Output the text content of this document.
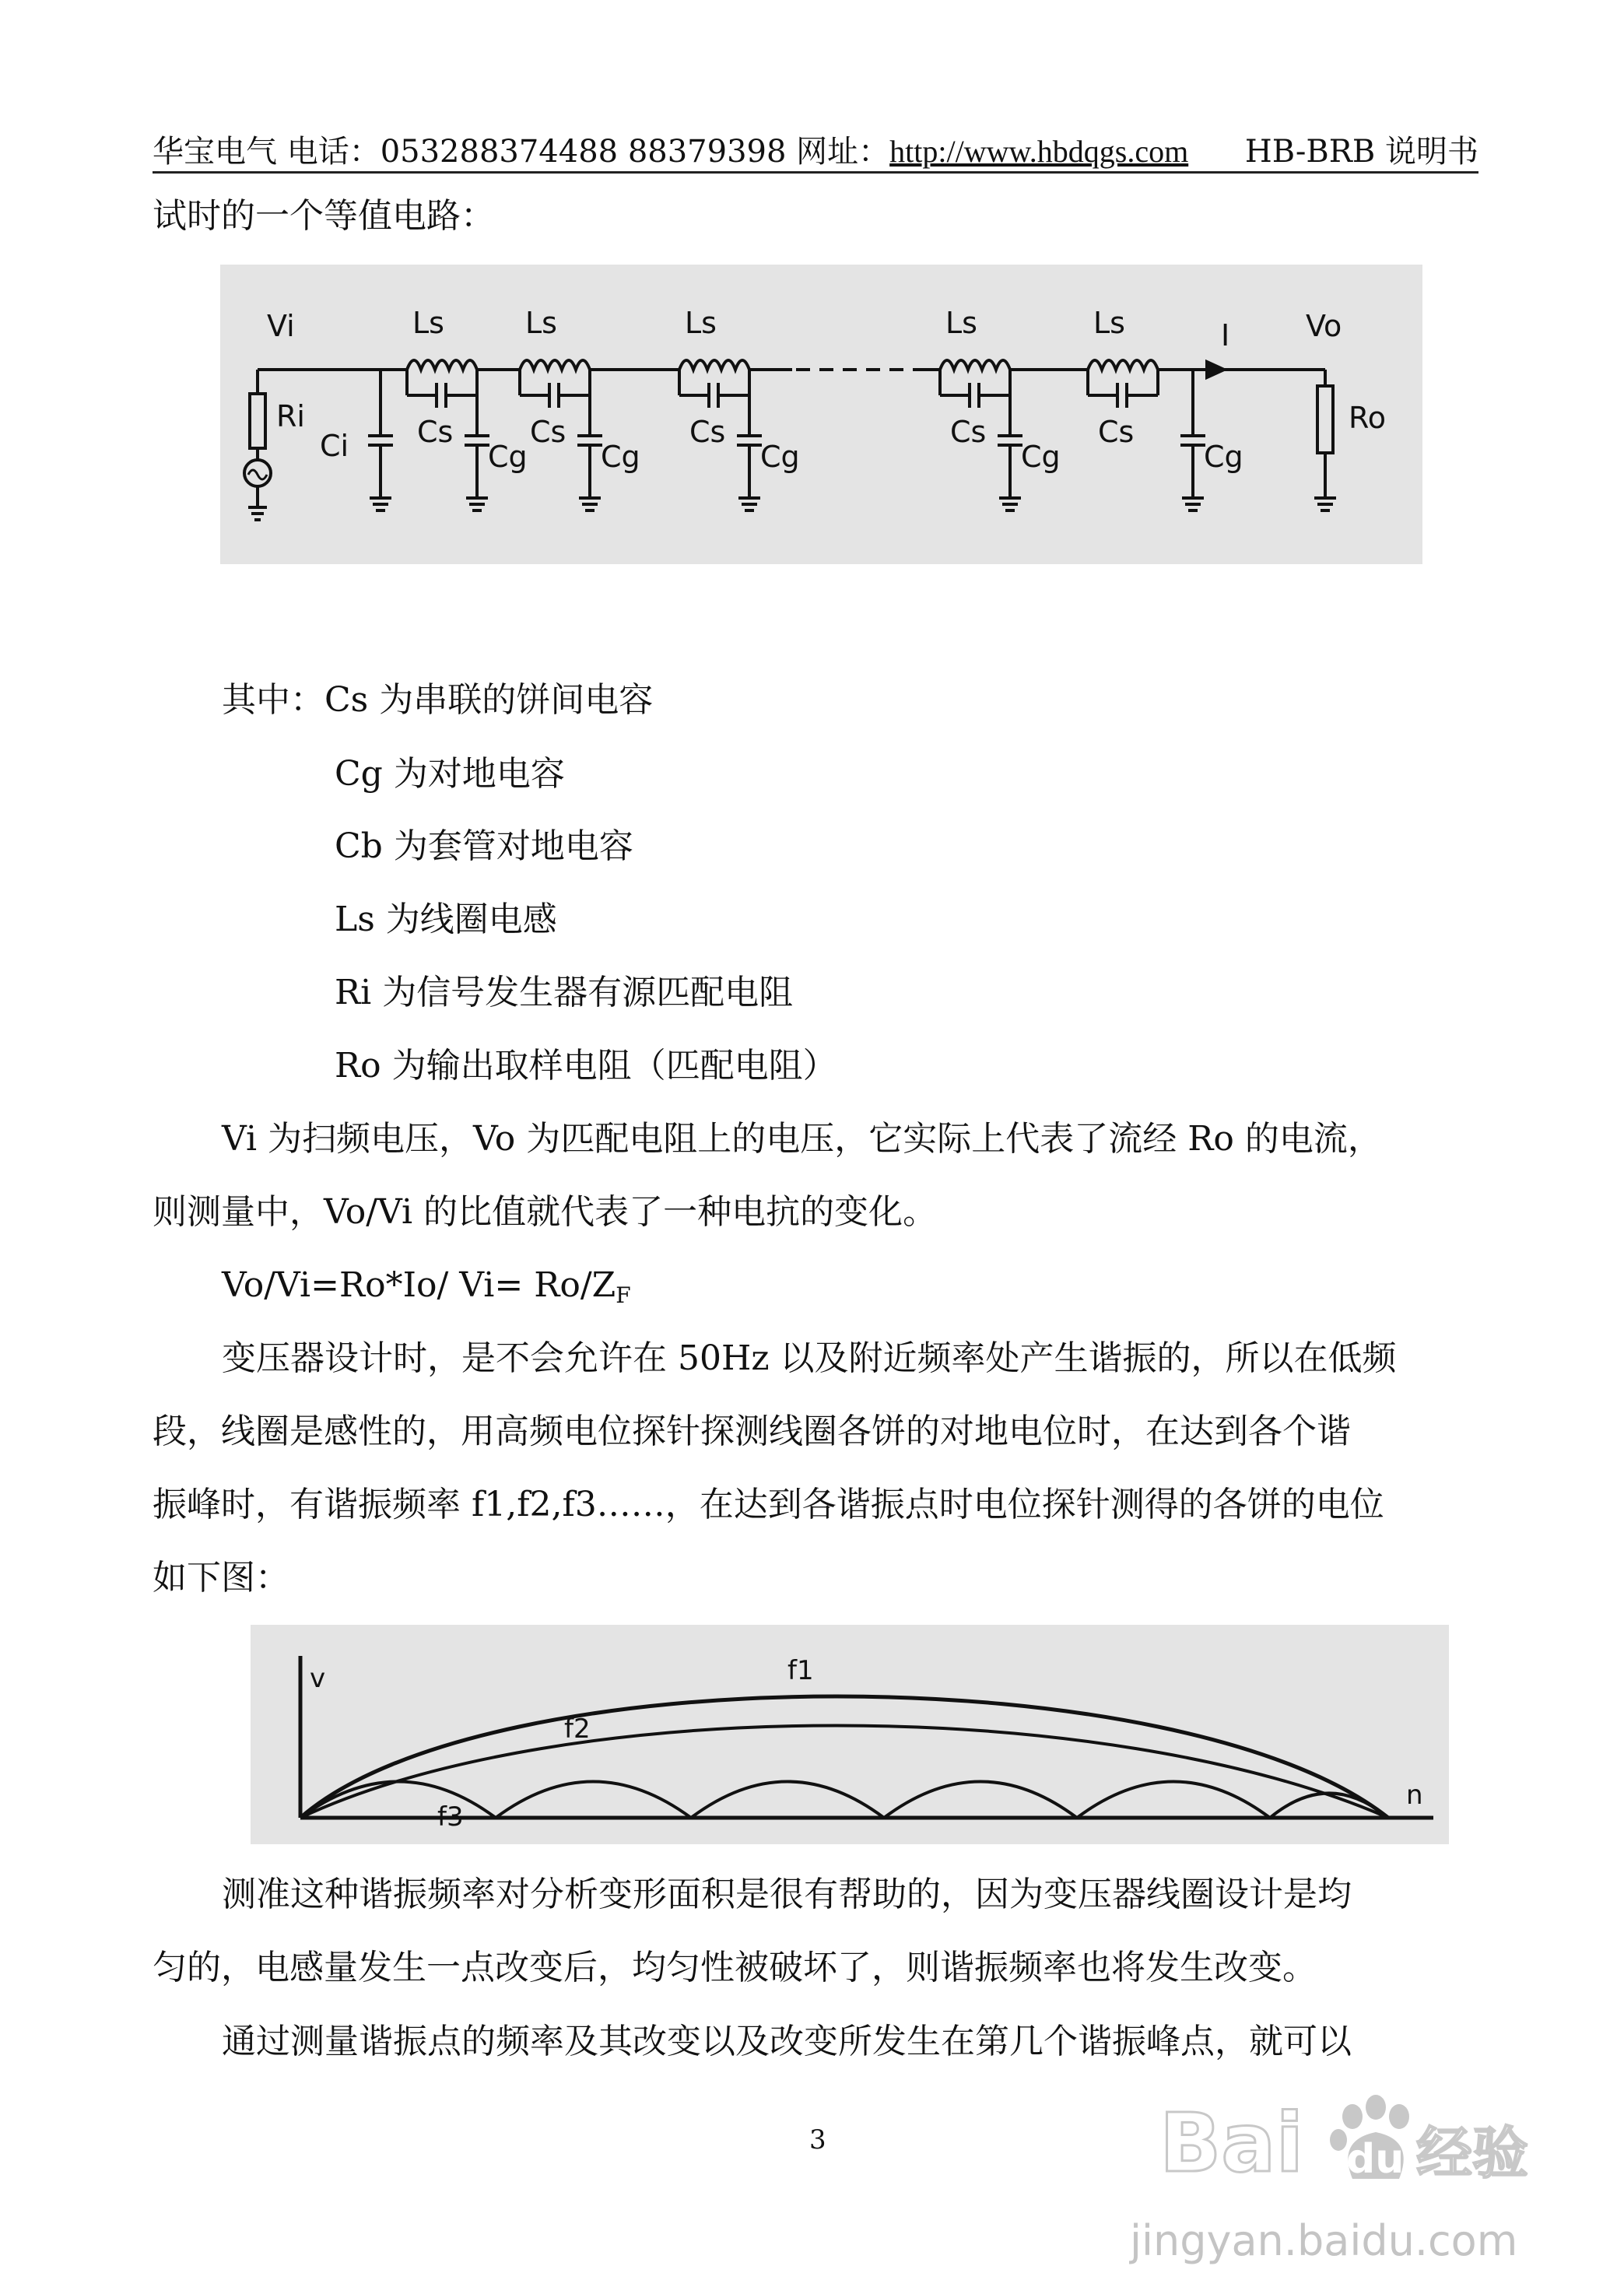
华宝电气 电话：053288374488 88379398 网址：http://www.hbdqgs.com HB-BRB 说明书
试时的一个等值电路：
Vi
Ri
Ci
Ls	Ls	Ls	Ls	Ls
Cs	Cs	Cs	Cs	Cs
Cg Cg	Cg	Cg	Cg
I	Vo
Ro
其中：Cs 为串联的饼间电容
Cg 为对地电容
Cb 为套管对地电容
Ls 为线圈电感
Ri 为信号发生器有源匹配电阻
Ro 为输出取样电阻（匹配电阻）
Vi 为扫频电压，Vo 为匹配电阻上的电压，它实际上代表了流经 Ro 的电流，
则测量中，Vo/Vi 的比值就代表了一种电抗的变化。
Vo/Vi=Ro*Io/ $Vi= Ro/Z_F$
变压器设计时，是不会允许在 50Hz 以及附近频率处产生谐振的，所以在低频
段，线圈是感性的，用高频电位探针探测线圈各饼的对地电位时，在达到各个谐
振峰时，有谐振频率 f1,f2,f3……，在达到各谐振点时电位探针测得的各饼的电位
如下图：
v
n
f1
f2
f3
测准这种谐振频率对分析变形面积是很有帮助的，因为变压器线圈设计是均
匀的，电感量发生一点改变后，均匀性被破坏了，则谐振频率也将发生改变。
通过测量谐振点的频率及其改变以及改变所发生在第几个谐振峰点，就可以
3	Bai du 经验
jingyan.baidu.com
